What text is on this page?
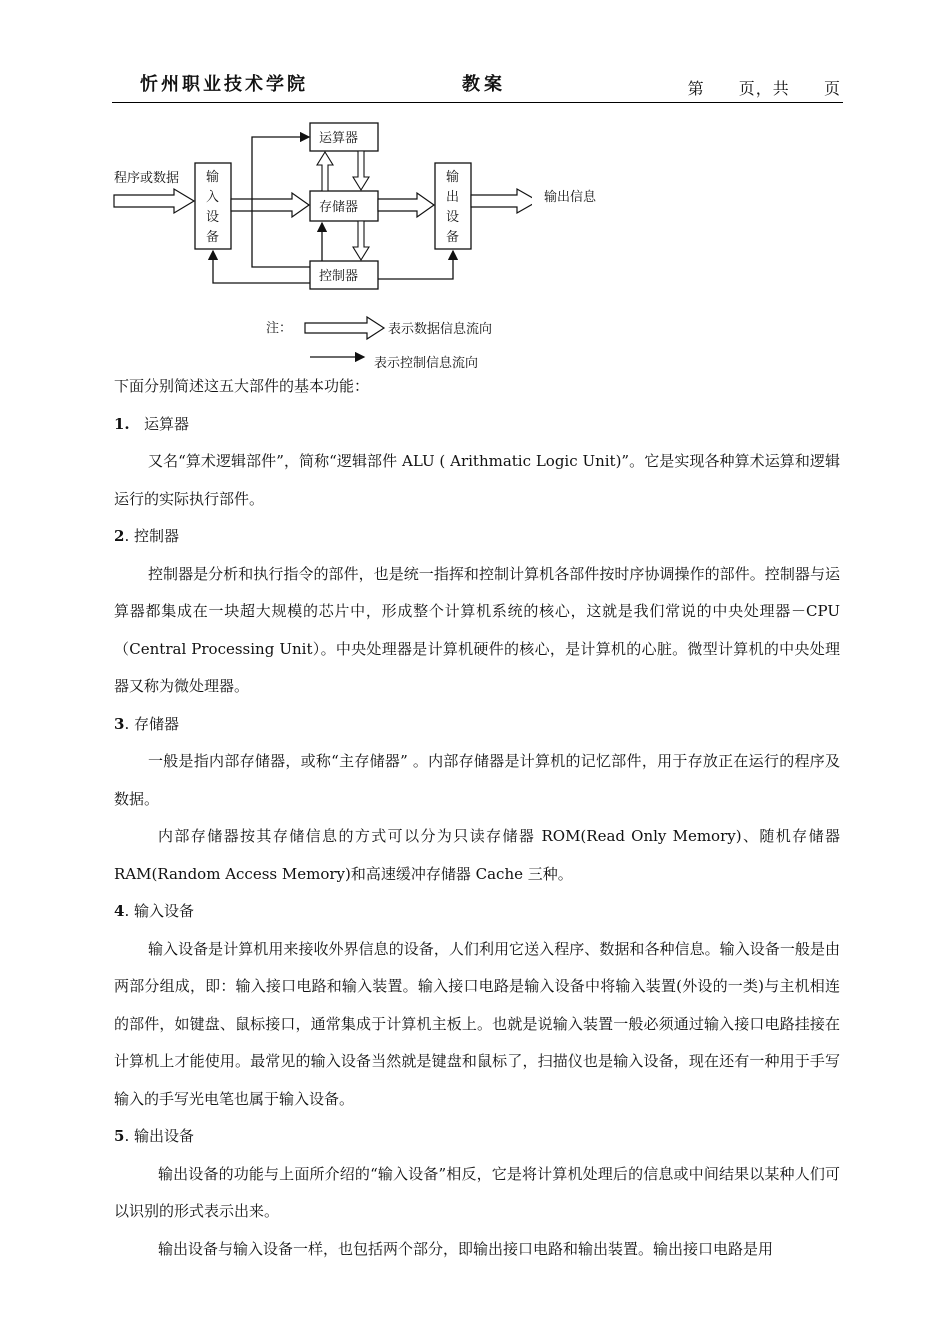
忻州职业技术学院	教案	第 页，共 页
程序或数据 输
入
设
备
运算器
存储器
控制器
输
出
设
备
注：	表示数据信息流向
表示控制信息流向
输出信息

下面分别简述这五大部件的基本功能：

1. 运算器

又名“算术逻辑部件”，简称“逻辑部件 ALU ( Arithmatic Logic Unit)”。它是实现各种算术运算和逻辑运行的实际执行部件。

2. 控制器

控制器是分析和执行指令的部件，也是统一指挥和控制计算机各部件按时序协调操作的部件。控制器与运算器都集成在一块超大规模的芯片中，形成整个计算机系统的核心，这就是我们常说的中央处理器－CPU（Central Processing Unit）。中央处理器是计算机硬件的核心，是计算机的心脏。微型计算机的中央处理器又称为微处理器。

3. 存储器

一般是指内部存储器，或称“主存储器” 。内部存储器是计算机的记忆部件，用于存放正在运行的程序及数据。

内部存储器按其存储信息的方式可以分为只读存储器 ROM(Read Only Memory)、随机存储器 RAM(Random Access Memory)和高速缓冲存储器 Cache 三种。

4. 输入设备

输入设备是计算机用来接收外界信息的设备，人们利用它送入程序、数据和各种信息。输入设备一般是由两部分组成，即：输入接口电路和输入装置。输入接口电路是输入设备中将输入装置(外设的一类)与主机相连的部件，如键盘、鼠标接口，通常集成于计算机主板上。也就是说输入装置一般必须通过输入接口电路挂接在计算机上才能使用。最常见的输入设备当然就是键盘和鼠标了，扫描仪也是输入设备，现在还有一种用于手写输入的手写光电笔也属于输入设备。

5. 输出设备

输出设备的功能与上面所介绍的“输入设备”相反，它是将计算机处理后的信息或中间结果以某种人们可以识别的形式表示出来。

输出设备与输入设备一样，也包括两个部分，即输出接口电路和输出装置。输出接口电路是用
